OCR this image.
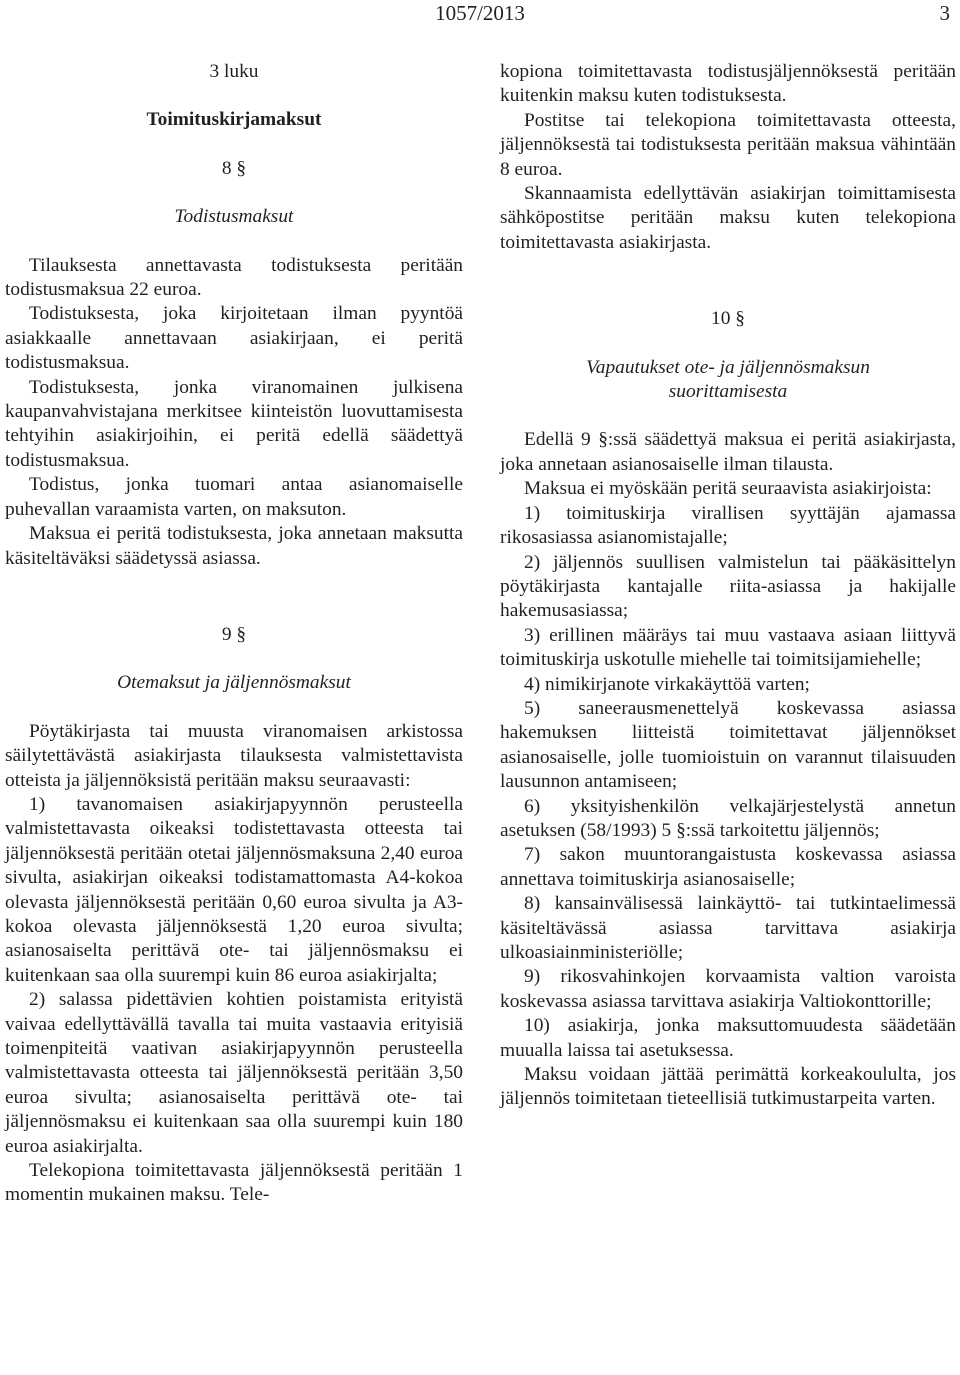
1057/2013	3
3 luku
Toimituskirjamaksut
8 §
Todistusmaksut

Tilauksesta annettavasta todistuksesta peritään todistusmaksua 22 euroa.

Todistuksesta, joka kirjoitetaan ilman pyyntöä asiakkaalle annettavaan asiakirjaan, ei peritä todistusmaksua.

Todistuksesta, jonka viranomainen julkisena kaupanvahvistajana merkitsee kiinteistön luovuttamisesta tehtyihin asiakirjoihin, ei peritä edellä säädettyä todistusmaksua.

Todistus, jonka tuomari antaa asianomaiselle puhevallan varaamista varten, on maksuton.

Maksua ei peritä todistuksesta, joka annetaan maksutta käsiteltäväksi säädetyssä asiassa.

9 §
Otemaksut ja jäljennösmaksut

Pöytäkirjasta tai muusta viranomaisen arkistossa säilytettävästä asiakirjasta tilauksesta valmistettavista otteista ja jäljennöksistä peritään maksu seuraavasti:

1) tavanomaisen asiakirjapyynnön perusteella valmistettavasta oikeaksi todistettavasta otteesta tai jäljennöksestä peritään otetai jäljennösmaksuna 2,40 euroa sivulta, asiakirjan oikeaksi todistamattomasta A4-kokoa olevasta jäljennöksestä peritään 0,60 euroa sivulta ja A3-kokoa olevasta jäljennöksestä 1,20 euroa sivulta; asianosaiselta perittävä ote- tai jäljennösmaksu ei kuitenkaan saa olla suurempi kuin 86 euroa asiakirjalta;

2) salassa pidettävien kohtien poistamista erityistä vaivaa edellyttävällä tavalla tai muita vastaavia erityisiä toimenpiteitä vaativan asiakirjapyynnön perusteella valmistettavasta otteesta tai jäljennöksestä peritään 3,50 euroa sivulta; asianosaiselta perittävä ote- tai jäljennösmaksu ei kuitenkaan saa olla suurempi kuin 180 euroa asiakirjalta.

Telekopiona toimitettavasta jäljennöksestä peritään 1 momentin mukainen maksu. Tele-

kopiona toimitettavasta todistusjäljennöksestä peritään kuitenkin maksu kuten todistuksesta.

Postitse tai telekopiona toimitettavasta otteesta, jäljennöksestä tai todistuksesta peritään maksua vähintään 8 euroa.

Skannaamista edellyttävän asiakirjan toimittamisesta sähköpostitse peritään maksu kuten telekopiona toimitettavasta asiakirjasta.

10 §
Vapautukset ote- ja jäljennösmaksun
suorittamisesta

Edellä 9 §:ssä säädettyä maksua ei peritä asiakirjasta, joka annetaan asianosaiselle ilman tilausta.

Maksua ei myöskään peritä seuraavista asiakirjoista:

1) toimituskirja virallisen syyttäjän ajamassa rikosasiassa asianomistajalle;

2) jäljennös suullisen valmistelun tai pääkäsittelyn pöytäkirjasta kantajalle riita-asiassa ja hakijalle hakemusasiassa;

3) erillinen määräys tai muu vastaava asiaan liittyvä toimituskirja uskotulle miehelle tai toimitsijamiehelle;

4) nimikirjanote virkakäyttöä varten;

5) saneerausmenettelyä koskevassa asiassa hakemuksen liitteistä toimitettavat jäljennökset asianosaiselle, jolle tuomioistuin on varannut tilaisuuden lausunnon antamiseen;

6) yksityishenkilön velkajärjestelystä annetun asetuksen (58/1993) 5 §:ssä tarkoitettu jäljennös;

7) sakon muuntorangaistusta koskevassa asiassa annettava toimituskirja asianosaiselle;

8) kansainvälisessä lainkäyttö- tai tutkintaelimessä käsiteltävässä asiassa tarvittava asiakirja ulkoasiainministeriölle;

9) rikosvahinkojen korvaamista valtion varoista koskevassa asiassa tarvittava asiakirja Valtiokonttorille;

10) asiakirja, jonka maksuttomuudesta säädetään muualla laissa tai asetuksessa.

Maksu voidaan jättää perimättä korkeakoululta, jos jäljennös toimitetaan tieteellisiä tutkimustarpeita varten.
